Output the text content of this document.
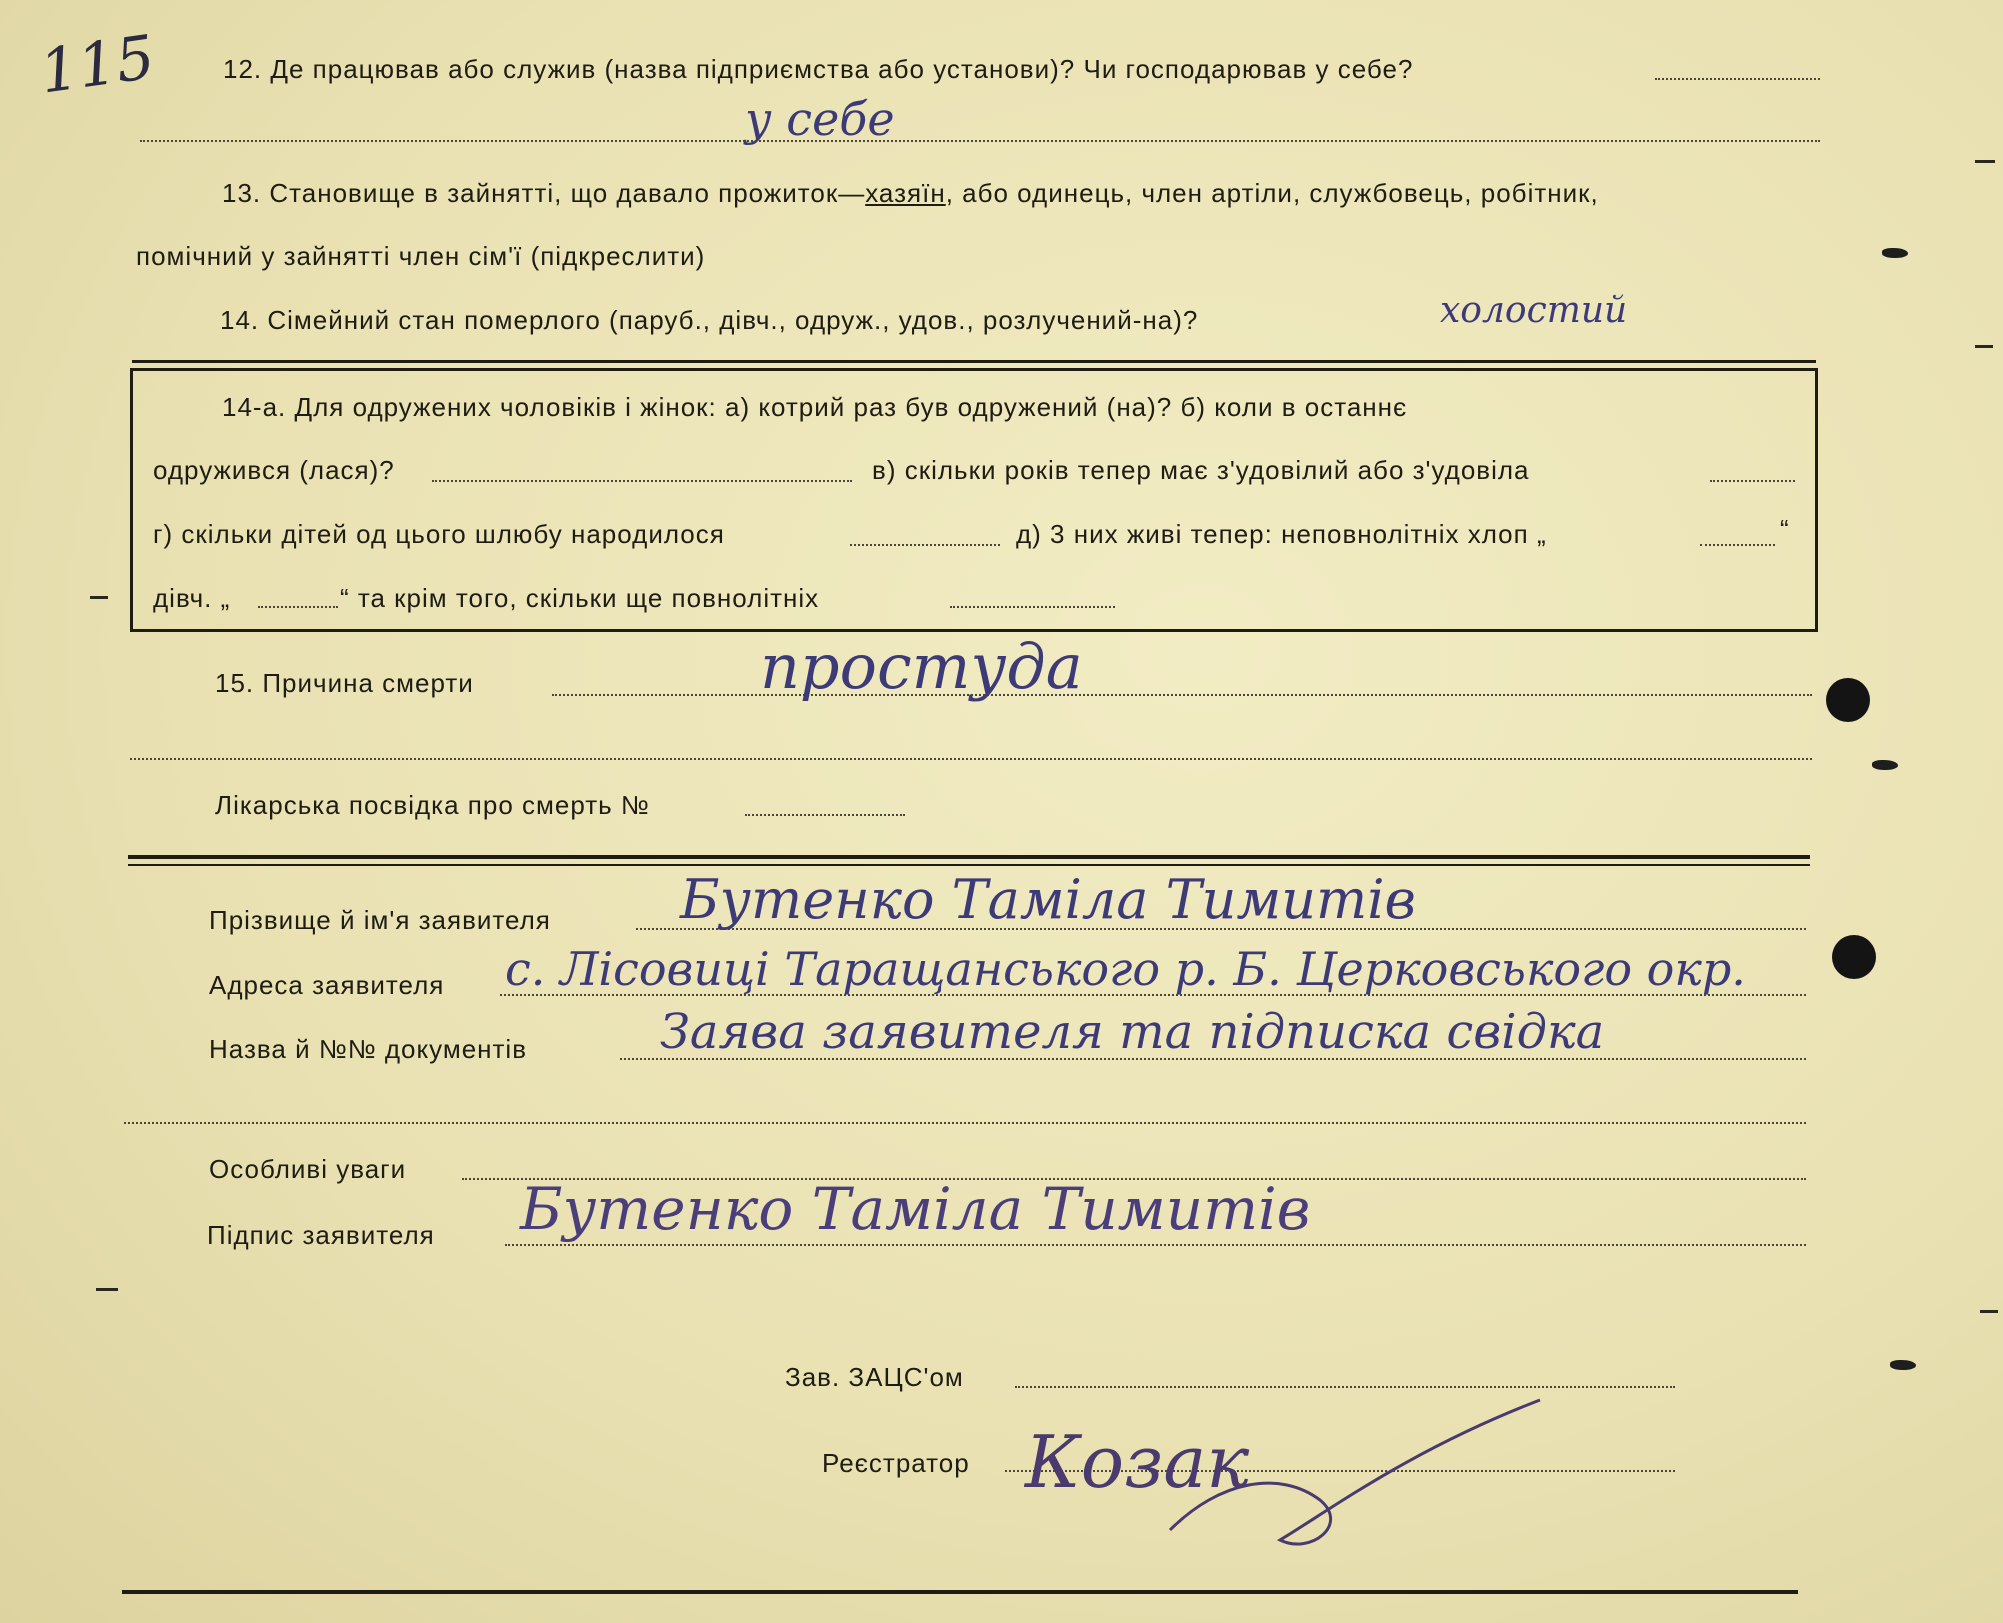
115 12. Де працював або служив (назва підприємства або установи)? Чи господарював у себе?
у себе
13. Становище в зайнятті, що давало прожиток—хазяїн, або одинець, член артіли, службовець, робітник,
помічний у зайнятті член сім'ї (підкреслити)
14. Сімейний стан померлого (паруб., дівч., одруж., удов., розлучений-на)?	холостий
14-а. Для одружених чоловіків і жінок: а) котрий раз був одружений (на)? б) коли в останнє
одружився (лася)?	в) скільки років тепер має з'удовілий або з'удовіла
г) скільки дітей од цього шлюбу народилося	д) 3 них живі тепер: неповнолітніх хлоп „	“
дівч. „	“ та крім того, скільки ще повнолітніх
15. Причина смерти	простуда
Лікарська посвідка про смерть №
Прізвище й ім'я заявителя Бутенко Таміла Тимитів
Адреса заявителя с. Лісовиці Таращанського р. Б. Церковського окр.
Назва й №№ документів	Заява заявителя та підписка свідка
Особливі уваги
Підпис заявителя Бутенко Таміла Тимитів
Зав. ЗАЦС'ом
Реєстратор Козак
